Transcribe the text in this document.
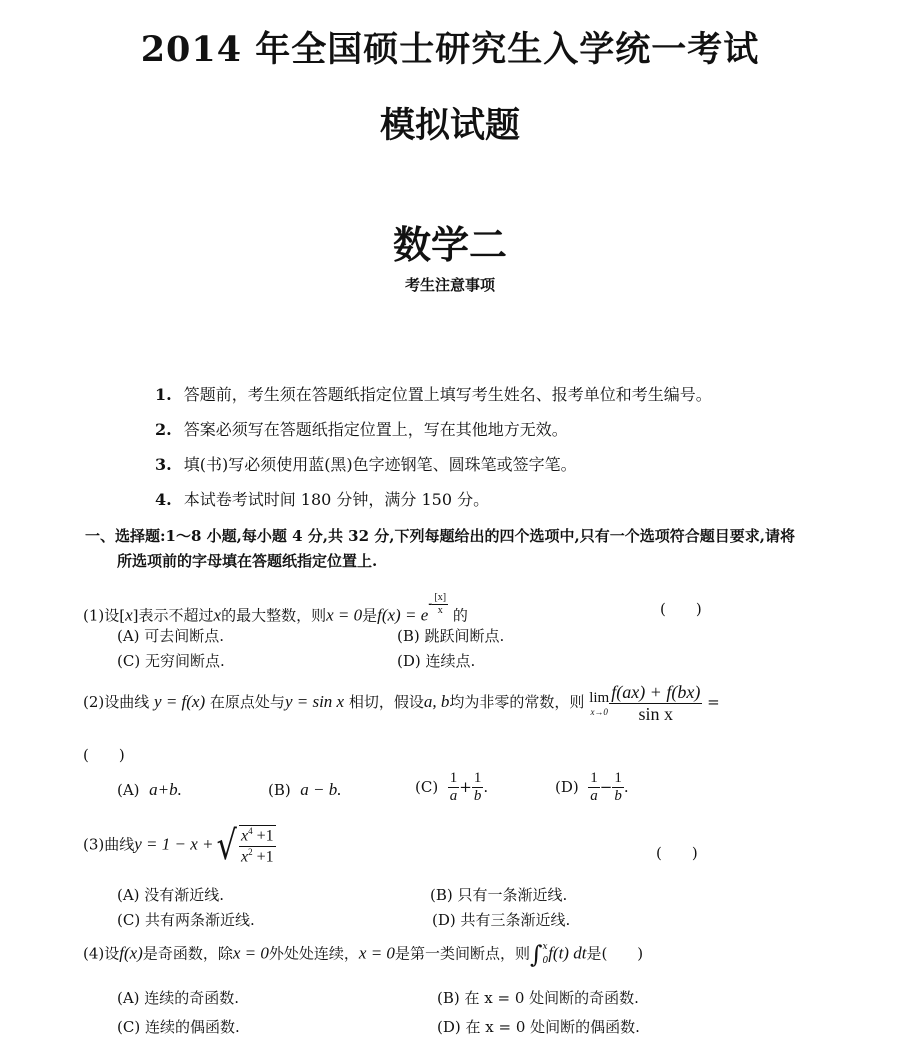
2014 年全国硕士研究生入学统一考试
模拟试题
数学二
考生注意事项
1. 答题前，考生须在答题纸指定位置上填写考生姓名、报考单位和考生编号。
2. 答案必须写在答题纸指定位置上，写在其他地方无效。
3. 填(书)写必须使用蓝(黑)色字迹钢笔、圆珠笔或签字笔。
4. 本试卷考试时间 180 分钟，满分 150 分。
一、选择题:1～8 小题,每小题 4 分,共 32 分,下列每题给出的四个选项中,只有一个选项符合题目要求,请将
所选项前的字母填在答题纸指定位置上.
(1)设[x]表示不超过x的最大整数，则x = 0是f(x) = e
- $\frac{[x]}{x}$ 的	(　　)
(A) 可去间断点.	(B) 跳跃间断点.
(C) 无穷间断点.	(D) 连续点.
(2)设曲线 y = f(x) 在原点处与y = sin x 相切，假设a, b均为非零的常数，则 lim
$x\to 0 \frac{f(ax) + f(bx)}{\text{sin x}}$ =
(　　)
(A) a+b.	(B) a − b.	$(C) \frac{1}{a} + \frac{1}{b}$ .	$(D) \frac{1}{a} - \frac{1}{b}$ .
(3)曲线y = 1 − x + √ $\frac{x^4 +1}{x^2 +1}$	(　　)
(A) 没有渐近线.	(B) 只有一条渐近线.
(C) 共有两条渐近线.	(D) 共有三条渐近线.
(4)设f(x)是奇函数，除x = 0外处处连续，x = 0是第一类间断点，则∫ x
0 f(t) dt是(　　)
(A) 连续的奇函数.	(B) 在 x = 0 处间断的奇函数.
(C) 连续的偶函数.	(D) 在 x = 0 处间断的偶函数.
